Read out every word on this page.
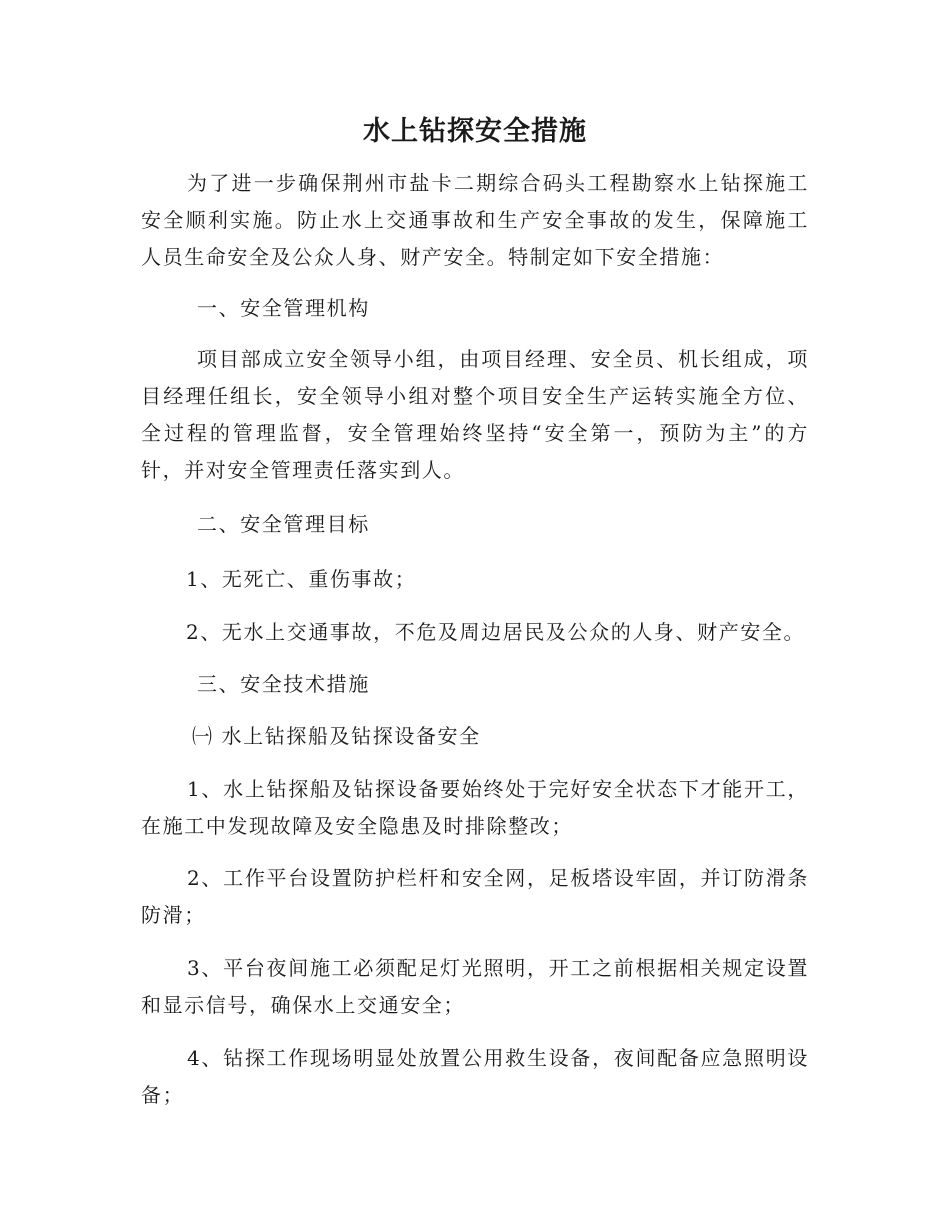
水上钻探安全措施

为了进一步确保荆州市盐卡二期综合码头工程勘察水上钻探施工安全顺利实施。防止水上交通事故和生产安全事故的发生，保障施工人员生命安全及公众人身、财产安全。特制定如下安全措施：

一、安全管理机构

项目部成立安全领导小组，由项目经理、安全员、机长组成，项目经理任组长，安全领导小组对整个项目安全生产运转实施全方位、全过程的管理监督，安全管理始终坚持“安全第一，预防为主”的方针，并对安全管理责任落实到人。

二、安全管理目标

1、无死亡、重伤事故；

2、无水上交通事故，不危及周边居民及公众的人身、财产安全。

三、安全技术措施

㈠ 水上钻探船及钻探设备安全

1、水上钻探船及钻探设备要始终处于完好安全状态下才能开工，在施工中发现故障及安全隐患及时排除整改；

2、工作平台设置防护栏杆和安全网，足板塔设牢固，并订防滑条防滑；

3、平台夜间施工必须配足灯光照明，开工之前根据相关规定设置和显示信号，确保水上交通安全；

4、钻探工作现场明显处放置公用救生设备，夜间配备应急照明设备；
